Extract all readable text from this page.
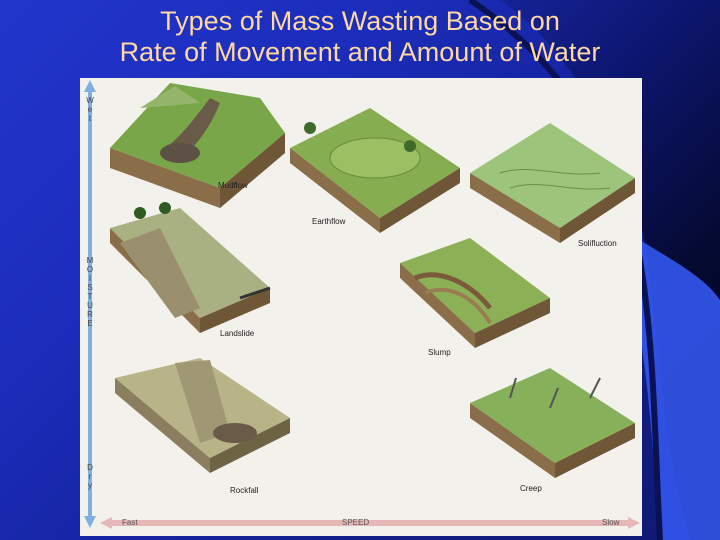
Types of Mass Wasting Based on
Rate of Movement and Amount of Water
W
e
t
M
O
I
S
T
U
R
E
D
r
y
Mudflow
Earthflow
Solifluction
Landslide
Slump
Rockfall	Creep
Fast	SPEED	Slow
